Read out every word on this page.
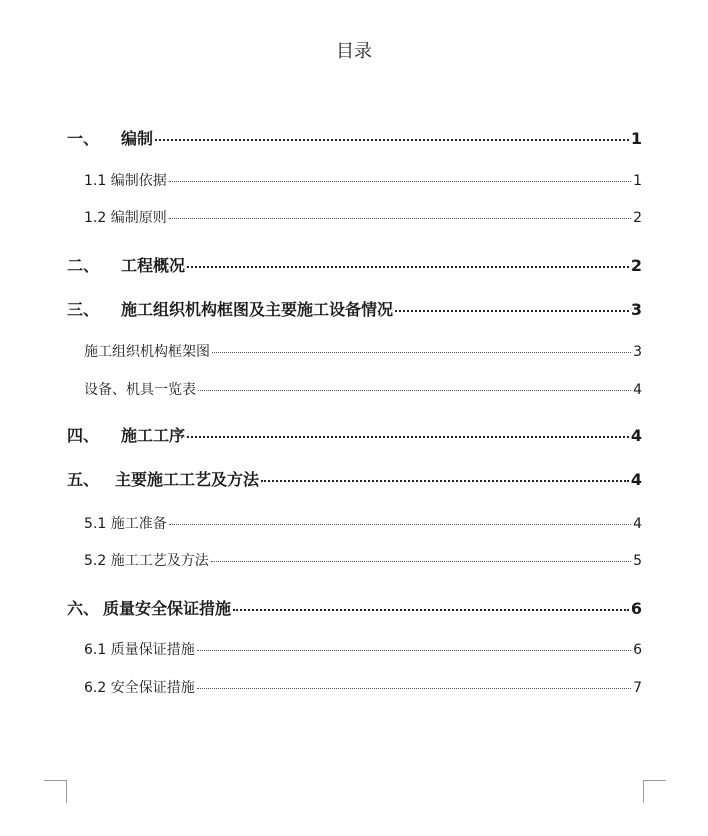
目录
一、	编制	1
1.1 编制依据	1
1.2 编制原则	2
二、	工程概况	2
三、	施工组织机构框图及主要施工设备情况	3
施工组织机构框架图	3
设备、机具一览表	4
四、	施工工序	4
五、 主要施工工艺及方法	4
5.1 施工准备	4
5.2 施工工艺及方法	5
六、 质量安全保证措施	6
6.1 质量保证措施	6
6.2 安全保证措施	7
